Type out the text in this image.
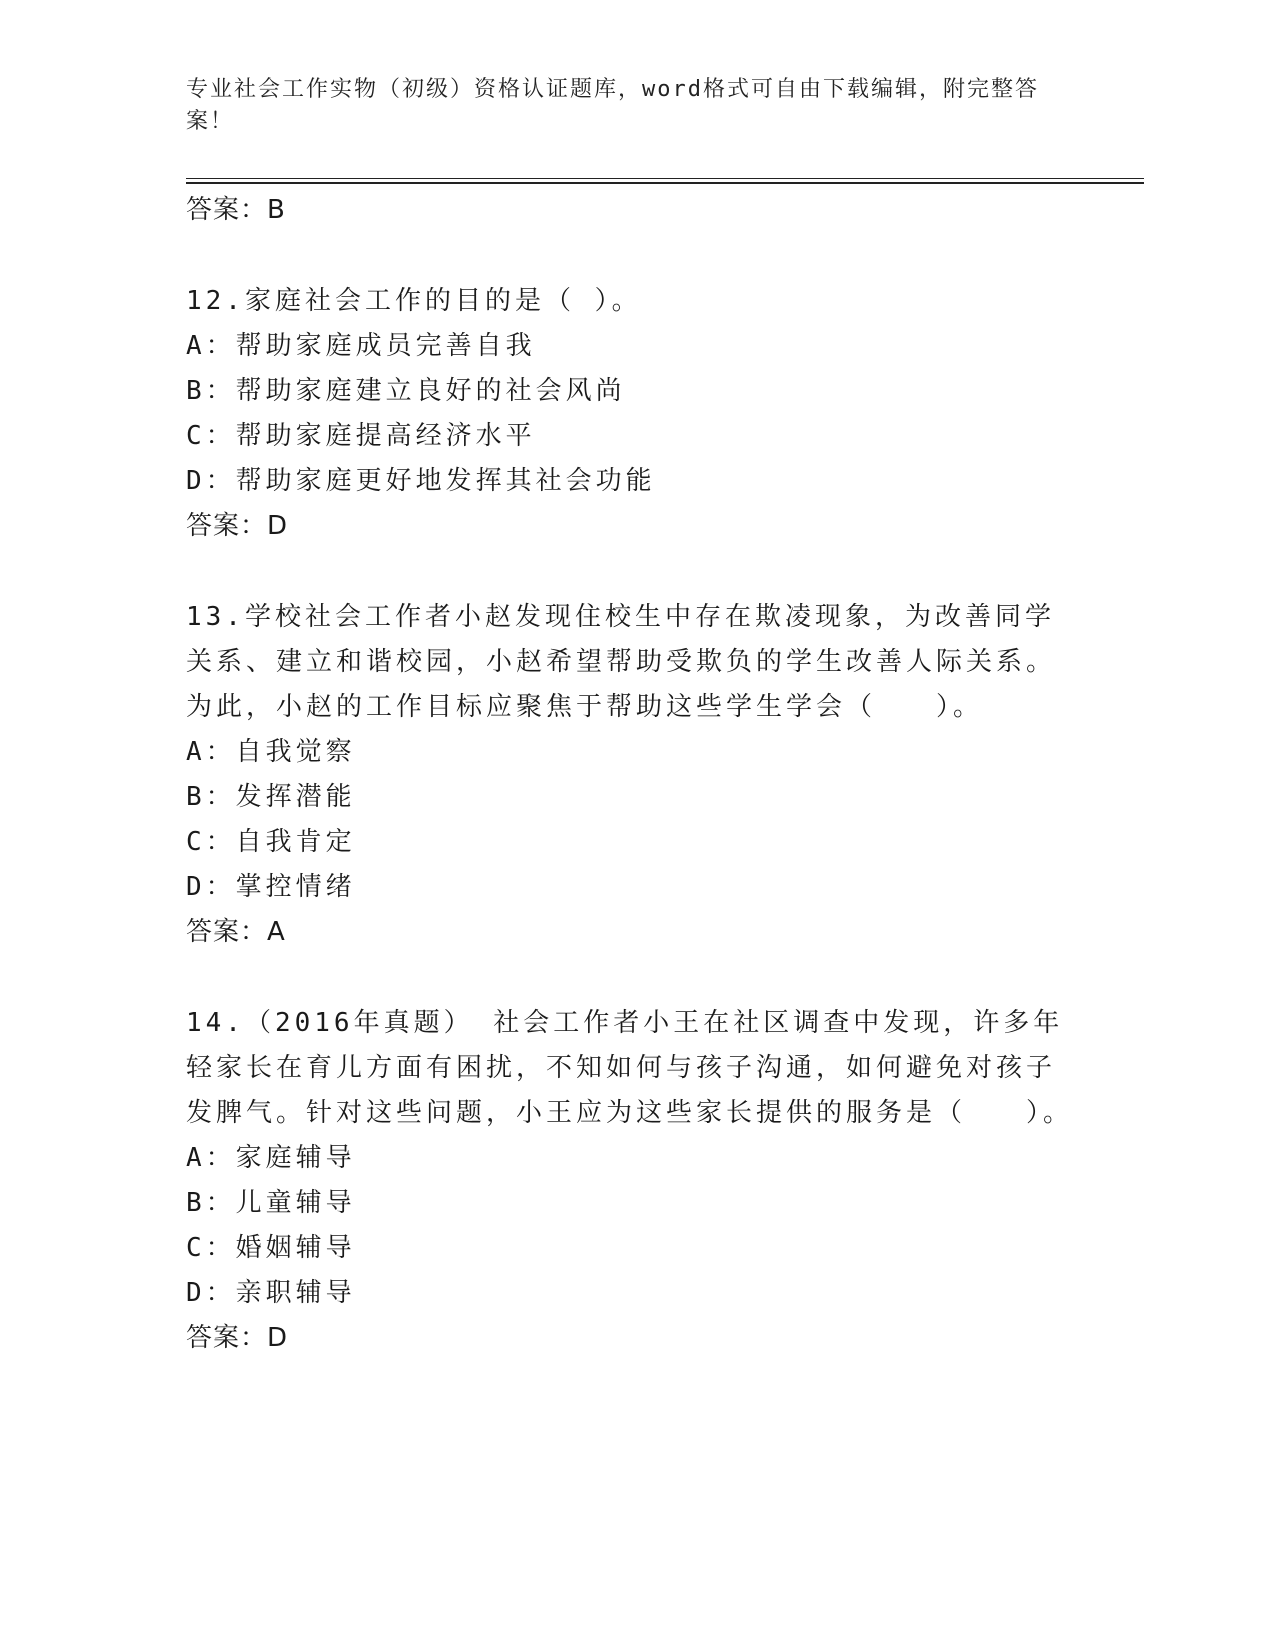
专业社会工作实物（初级）资格认证题库，word格式可自由下载编辑，附完整答案！

答案：B

12.家庭社会工作的目的是（ ）。

A：帮助家庭成员完善自我

B：帮助家庭建立良好的社会风尚

C：帮助家庭提高经济水平

D：帮助家庭更好地发挥其社会功能

答案：D

13.学校社会工作者小赵发现住校生中存在欺凌现象，为改善同学关系、建立和谐校园，小赵希望帮助受欺负的学生改善人际关系。为此，小赵的工作目标应聚焦于帮助这些学生学会（　　）。

A：自我觉察

B：发挥潜能

C：自我肯定

D：掌控情绪

答案：A

14.（2016年真题） 社会工作者小王在社区调查中发现，许多年轻家长在育儿方面有困扰，不知如何与孩子沟通，如何避免对孩子发脾气。针对这些问题，小王应为这些家长提供的服务是（　　）。

A：家庭辅导

B：儿童辅导

C：婚姻辅导

D：亲职辅导

答案：D
